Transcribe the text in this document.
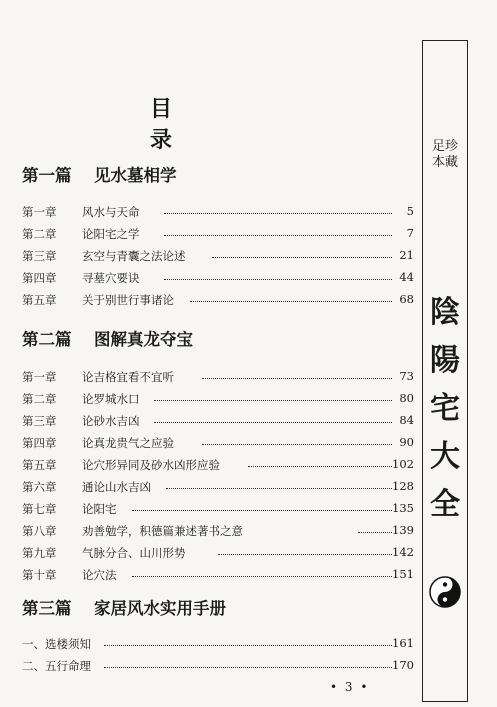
目 录
第一篇 见水墓相学
第一章 风水与天命	5
第二章 论阳宅之学	7
第三章 玄空与青囊之法论述	21
第四章 寻墓穴要诀	44
第五章 关于别世行事诸论	68
第二篇 图解真龙夺宝
第一章 论吉格宜看不宜听	73
第二章 论罗城水口	80
第三章 论砂水吉凶	84
第四章 论真龙贵气之应验	90
第五章 论穴形异同及砂水凶形应验	102
第六章 通论山水吉凶	128
第七章 论阳宅	135
第八章 劝善勉学，积德篇兼述著书之意	139
第九章 气脉分合、山川形势	142
第十章 论穴法	151
第三篇 家居风水实用手册
一、选楼须知	161
二、五行命理	170
• 3 •
足珍
本藏
陰
陽
宅
大
全
